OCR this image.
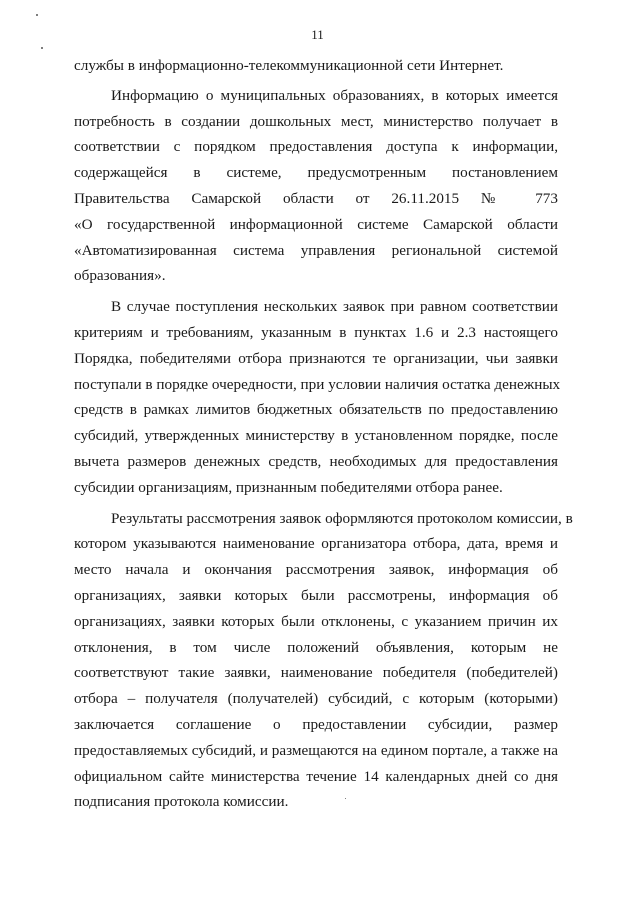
11

службы в информационно-телекоммуникационной сети Интернет.

Информацию о муниципальных образованиях, в которых имеется
потребность в создании дошкольных мест, министерство получает в
соответствии с порядком предоставления доступа к информации,
содержащейся в системе, предусмотренным постановлением
Правительства Самарской области от 26.11.2015 № 773
«О государственной информационной системе Самарской области
«Автоматизированная система управления региональной системой
образования».

В случае поступления нескольких заявок при равном соответствии
критериям и требованиям, указанным в пунктах 1.6 и 2.3 настоящего
Порядка, победителями отбора признаются те организации, чьи заявки
поступали в порядке очередности, при условии наличия остатка денежных
средств в рамках лимитов бюджетных обязательств по предоставлению
субсидий, утвержденных министерству в установленном порядке, после
вычета размеров денежных средств, необходимых для предоставления
субсидии организациям, признанным победителями отбора ранее.

Результаты рассмотрения заявок оформляются протоколом комиссии, в
котором указываются наименование организатора отбора, дата, время и
место начала и окончания рассмотрения заявок, информация об
организациях, заявки которых были рассмотрены, информация об
организациях, заявки которых были отклонены, с указанием причин их
отклонения, в том числе положений объявления, которым не
соответствуют такие заявки, наименование победителя (победителей)
отбора – получателя (получателей) субсидий, с которым (которыми)
заключается соглашение о предоставлении субсидии, размер
предоставляемых субсидий, и размещаются на едином портале, а также на
официальном сайте министерства течение 14 календарных дней со дня
подписания протокола комиссии.
